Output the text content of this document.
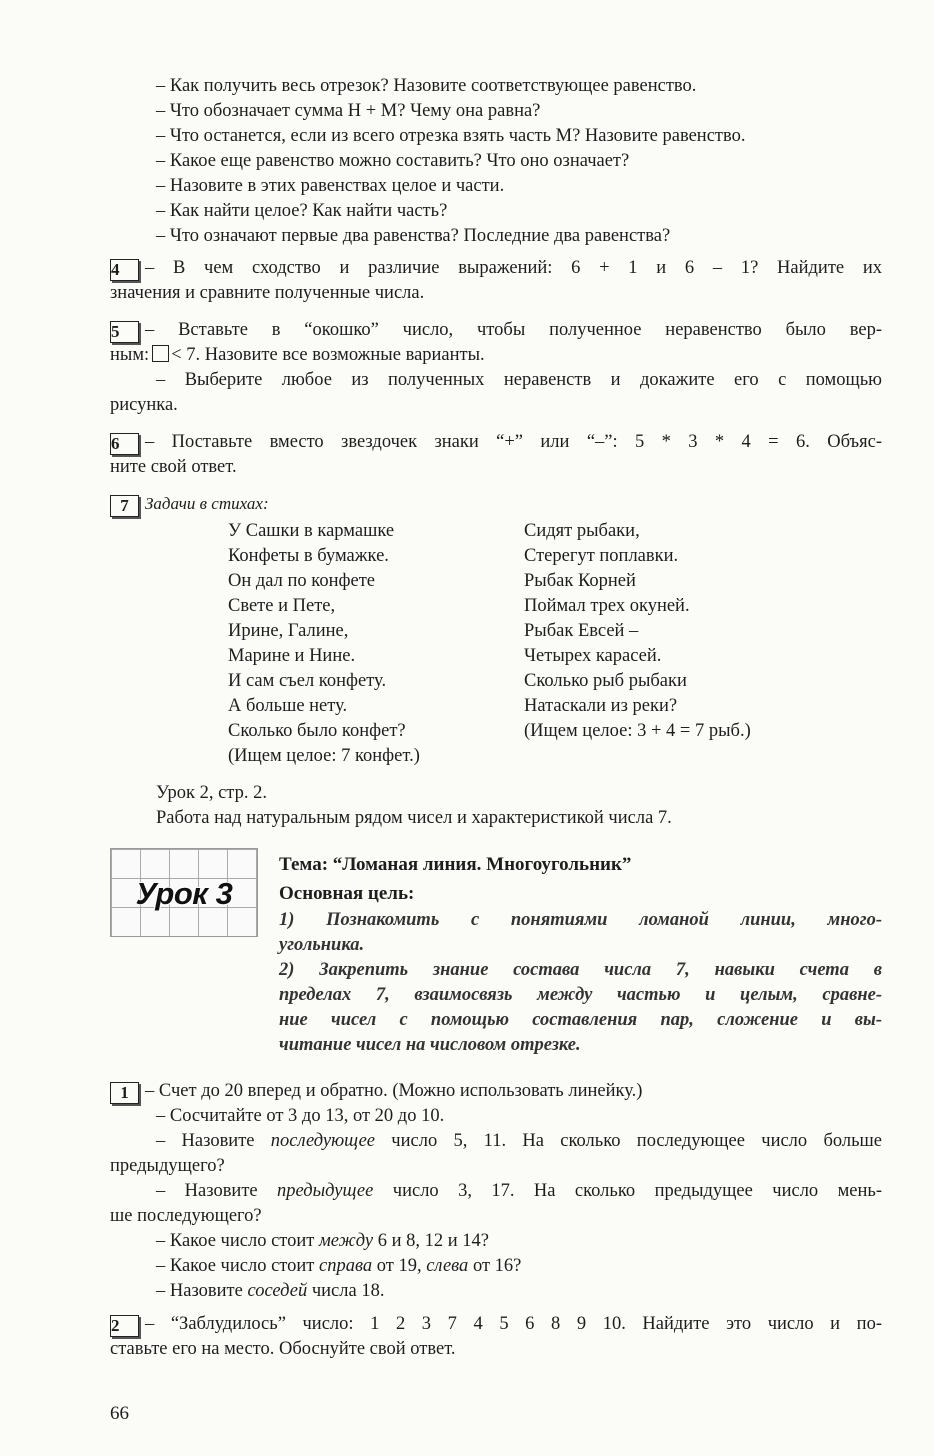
– Как получить весь отрезок? Назовите соответствующее равенство.
– Что обозначает сумма Н + М? Чему она равна?
– Что останется, если из всего отрезка взять часть М? Назовите равенство.
– Какое еще равенство можно составить? Что оно означает?
– Назовите в этих равенствах целое и части.
– Как найти целое? Как найти часть?
– Что означают первые два равенства? Последние два равенства?
4 – В чем сходство и различие выражений: 6 + 1 и 6 – 1? Найдите их
значения и сравните полученные числа.
5 – Вставьте в “окошко” число, чтобы полученное неравенство было вер-
ным: < 7. Назовите все возможные варианты.
– Выберите любое из полученных неравенств и докажите его с помощью
рисунка.
6 – Поставьте вместо звездочек знаки “+” или “–”: 5 * 3 * 4 = 6. Объяс-
ните свой ответ.
7 Задачи в стихах:
У Сашки в кармашке
Конфеты в бумажке.
Он дал по конфете
Свете и Пете,
Ирине, Галине,
Марине и Нине.
И сам съел конфету.
А больше нету.
Сколько было конфет?
(Ищем целое: 7 конфет.)
Сидят рыбаки,
Стерегут поплавки.
Рыбак Корней
Поймал трех окуней.
Рыбак Евсей –
Четырех карасей.
Сколько рыб рыбаки
Натаскали из реки?
(Ищем целое: 3 + 4 = 7 рыб.)
Урок 2, стр. 2.
Работа над натуральным рядом чисел и характеристикой числа 7.
Урок 3
Тема: “Ломаная линия. Многоугольник”
Основная цель:
1) Познакомить с понятиями ломаной линии, много-
угольника.
2) Закрепить знание состава числа 7, навыки счета в
пределах 7, взаимосвязь между частью и целым, сравне-
ние чисел с помощью составления пар, сложение и вы-
читание чисел на числовом отрезке.
1 – Счет до 20 вперед и обратно. (Можно использовать линейку.)
– Сосчитайте от 3 до 13, от 20 до 10.
– Назовите последующее число 5, 11. На сколько последующее число больше
предыдущего?
– Назовите предыдущее число 3, 17. На сколько предыдущее число мень-
ше последующего?
– Какое число стоит между 6 и 8, 12 и 14?
– Какое число стоит справа от 19, слева от 16?
– Назовите соседей числа 18.
2 – “Заблудилось” число: 1 2 3 7 4 5 6 8 9 10. Найдите это число и по-
ставьте его на место. Обоснуйте свой ответ.
66
